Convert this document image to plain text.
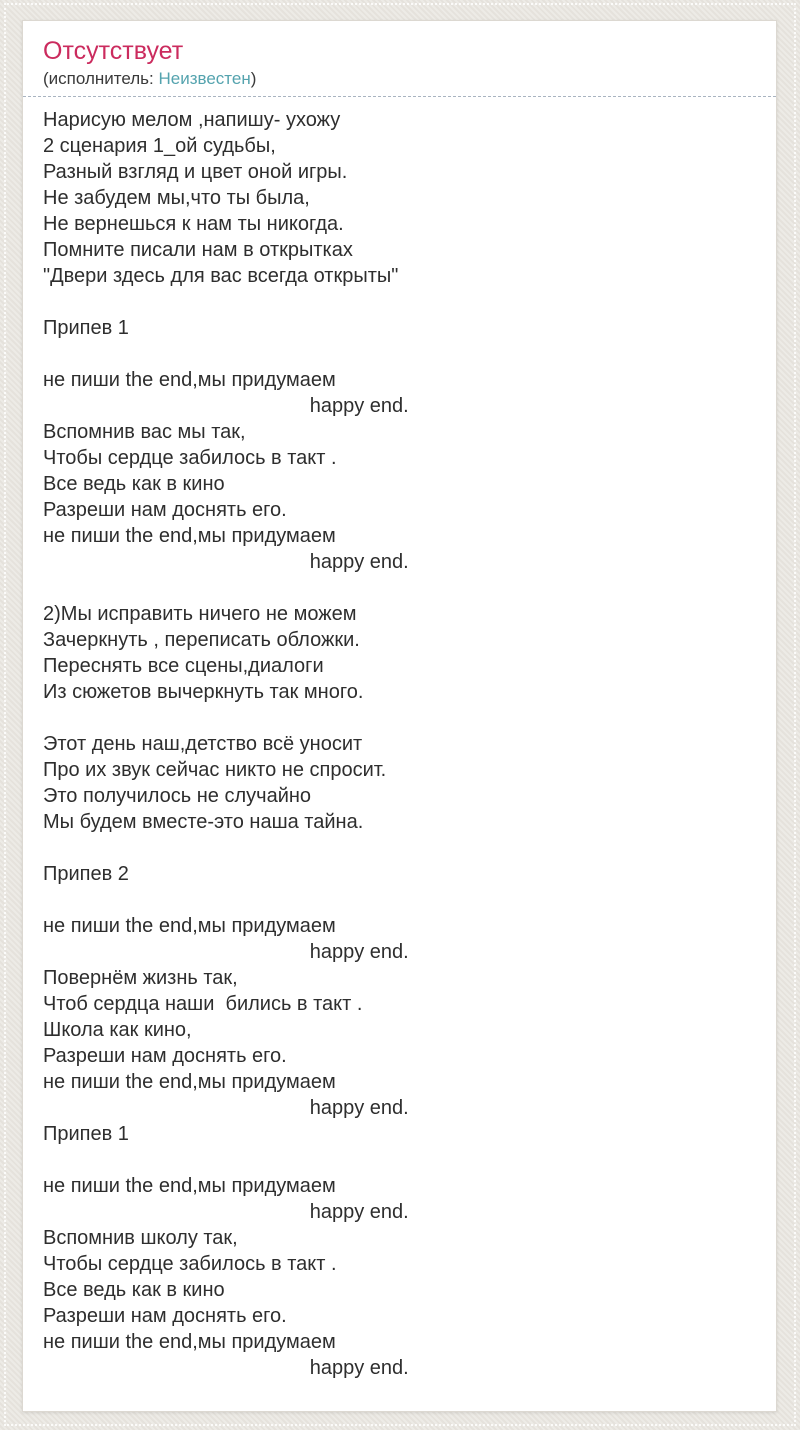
Отсутствует
(исполнитель: Неизвестен)
Нарисую мелом ,напишу- ухожу
2 сценария 1_ой судьбы,
Разный взгляд и цвет оной игры.
Не забудем мы,что ты была,
Не вернешься к нам ты никогда.
Помните писали нам в открытках
"Двери здесь для вас всегда открыты"
Припев 1
не пиши the end,мы придумаем
happy end.
Вспомнив вас мы так,
Чтобы сердце забилось в такт .
Все ведь как в кино
Разреши нам доснять его.
не пиши the end,мы придумаем
happy end.
2)Мы исправить ничего не можем
Зачеркнуть , переписать обложки.
Переснять все сцены,диалоги
Из сюжетов вычеркнуть так много.
Этот день наш,детство всё уносит
Про их звук сейчас никто не спросит.
Это получилось не случайно
Мы будем вместе-это наша тайна.
Припев 2
не пиши the end,мы придумаем
happy end.
Повернём жизнь так,
Чтоб сердца наши  бились в такт .
Школа как кино,
Разреши нам доснять его.
не пиши the end,мы придумаем
happy end.
Припев 1
не пиши the end,мы придумаем
happy end.
Вспомнив школу так,
Чтобы сердце забилось в такт .
Все ведь как в кино
Разреши нам доснять его.
не пиши the end,мы придумаем
happy end.
